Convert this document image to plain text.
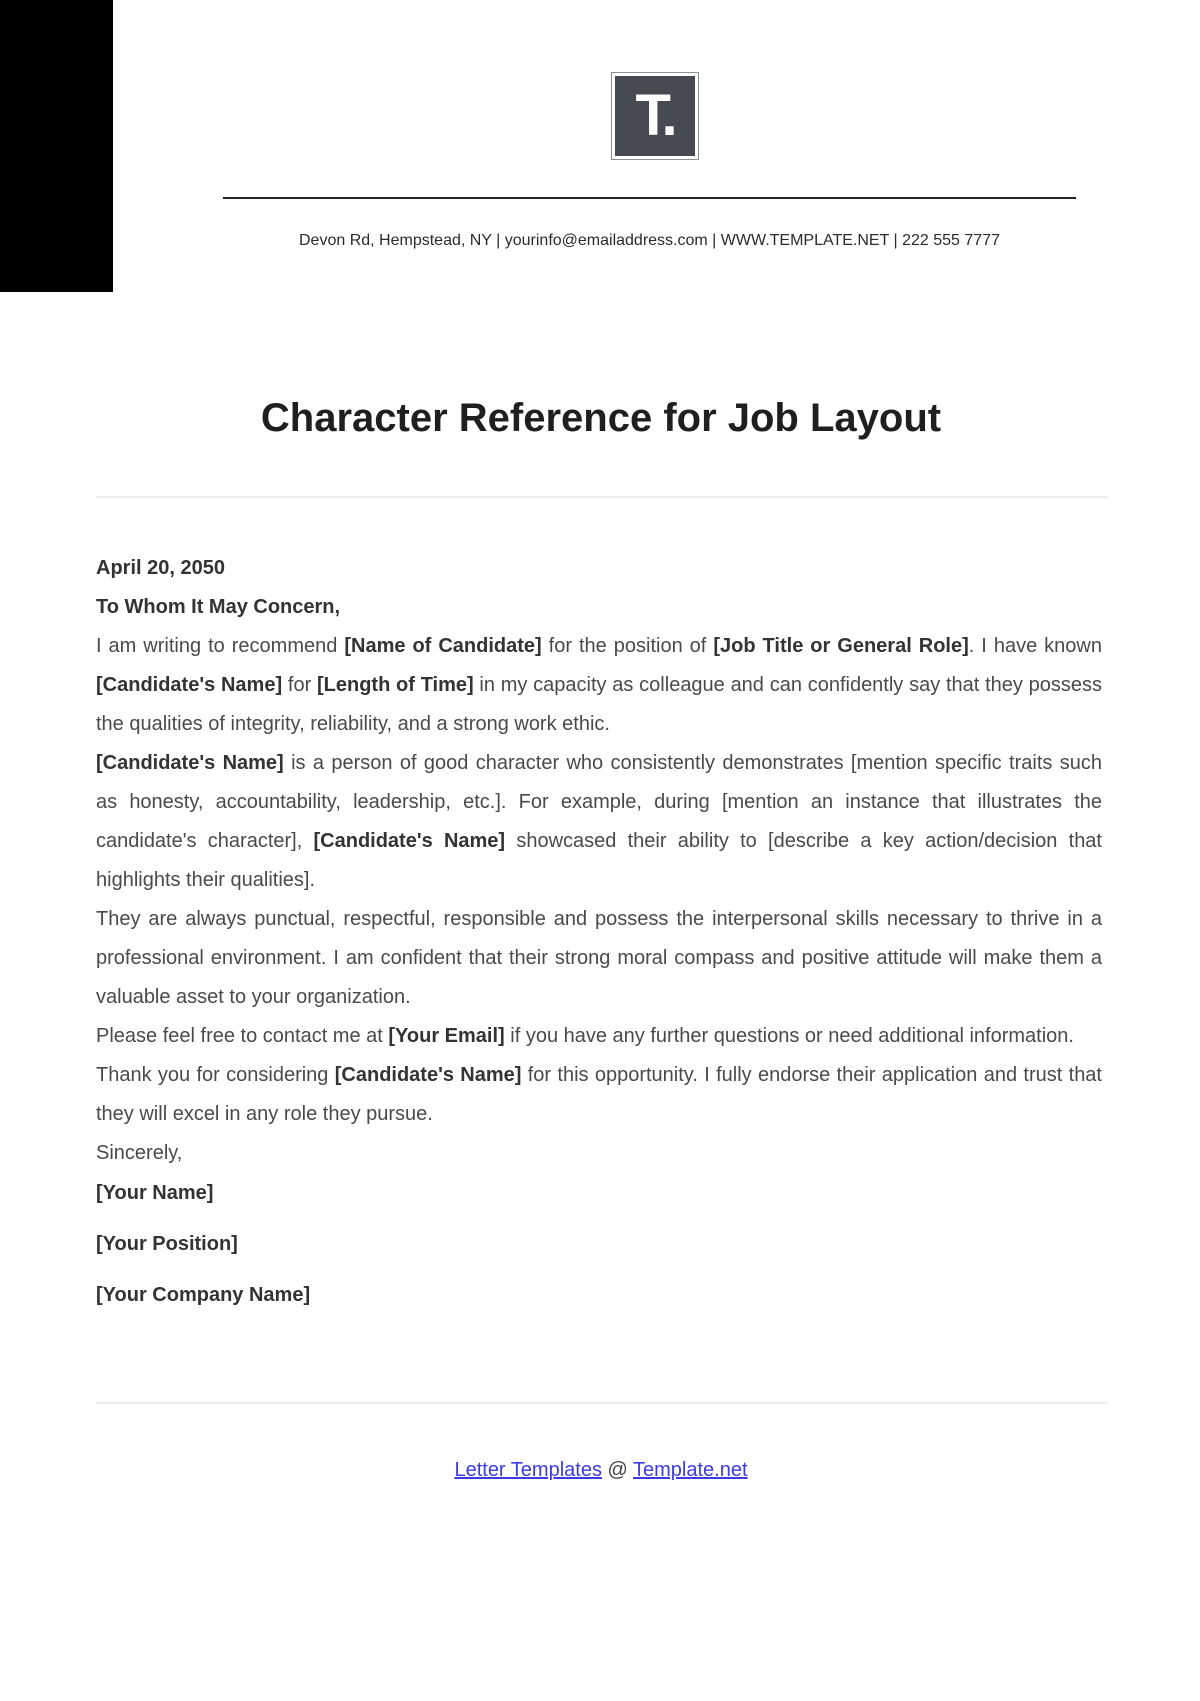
T.
Devon Rd, Hempstead, NY | yourinfo@emailaddress.com | WWW.TEMPLATE.NET | 222 555 7777
Character Reference for Job Layout
April 20, 2050
To Whom It May Concern,

I am writing to recommend [Name of Candidate] for the position of [Job Title or General Role]. I have known [Candidate's Name] for [Length of Time] in my capacity as colleague and can confidently say that they possess the qualities of integrity, reliability, and a strong work ethic.

[Candidate's Name] is a person of good character who consistently demonstrates [mention specific traits such as honesty, accountability, leadership, etc.]. For example, during [mention an instance that illustrates the candidate's character], [Candidate's Name] showcased their ability to [describe a key action/decision that highlights their qualities].

They are always punctual, respectful, responsible and possess the interpersonal skills necessary to thrive in a professional environment. I am confident that their strong moral compass and positive attitude will make them a valuable asset to your organization.

Please feel free to contact me at [Your Email] if you have any further questions or need additional information.

Thank you for considering [Candidate's Name] for this opportunity. I fully endorse their application and trust that they will excel in any role they pursue.

Sincerely,
[Your Name]
[Your Position]
[Your Company Name]
Letter Templates @ Template.net
